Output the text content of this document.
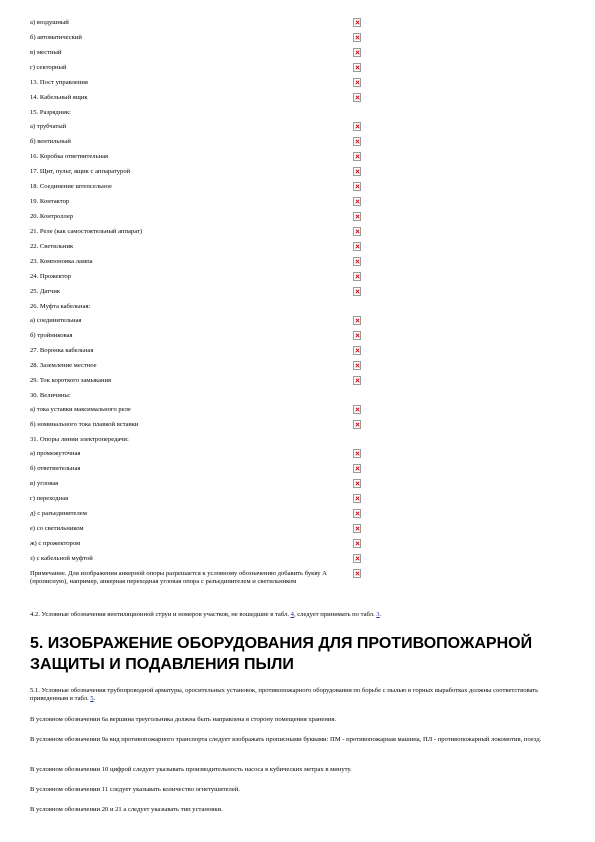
а) воздушный
б) автоматический
в) местный
г) секторный
13. Пост управления
14. Кабельный ящик
15. Разрядник:
а) трубчатый
б) вентильный
16. Коробка ответвительная
17. Щит, пульт, ящик с аппаратурой
18. Соединение штепсельное
19. Контактор
20. Контроллер
21. Реле (как самостоятельный аппарат)
22. Светильник
23. Компоновка лампа
24. Прожектор
25. Датчик
26. Муфта кабельная:
а) соединительная
б) тройниковая
27. Воронка кабельная
28. Заземление местное
29. Ток короткого замыкания
30. Величины:
а) тока уставки максимального реле
б) номинального тока плавкой вставки
31. Опоры линии электропередачи:
а) промежуточная
б) ответвительная
в) угловая
г) переходная
д) с разъединителем
е) со светильником
ж) с прожектором
з) с кабельной муфтой
Примечание. Для изображения анкерной опоры разрешается к условному обозначению добавить букву А (прописную), например, анкерная переходная угловая опора с разъединителем и светильником
4.2. Условные обозначения вентиляционной струи и номеров участков, не вошедшие в табл. 4, следует принимать по табл. 3.
5. ИЗОБРАЖЕНИЕ ОБОРУДОВАНИЯ ДЛЯ ПРОТИВОПОЖАРНОЙ ЗАЩИТЫ И ПОДАВЛЕНИЯ ПЫЛИ
5.1. Условные обозначения трубопроводной арматуры, оросительных установок, противопожарного оборудования по борьбе с пылью в горных выработках должны соответствовать приведенным в табл. 5.
В условном обозначении 6а вершина треугольника должна быть направлена в сторону помещения хранения.
В условном обозначении 9а вид противопожарного транспорта следует изображать прописными буквами: ПМ - противопожарная машина, ПЛ - противопожарный локомотив, поезд.
В условном обозначении 10 цифрой следует указывать производительность насоса в кубических метрах в минуту.
В условном обозначении 11 следует указывать количество огнетушителей.
В условном обозначении 20 и 21 а следует указывать тип установки.
